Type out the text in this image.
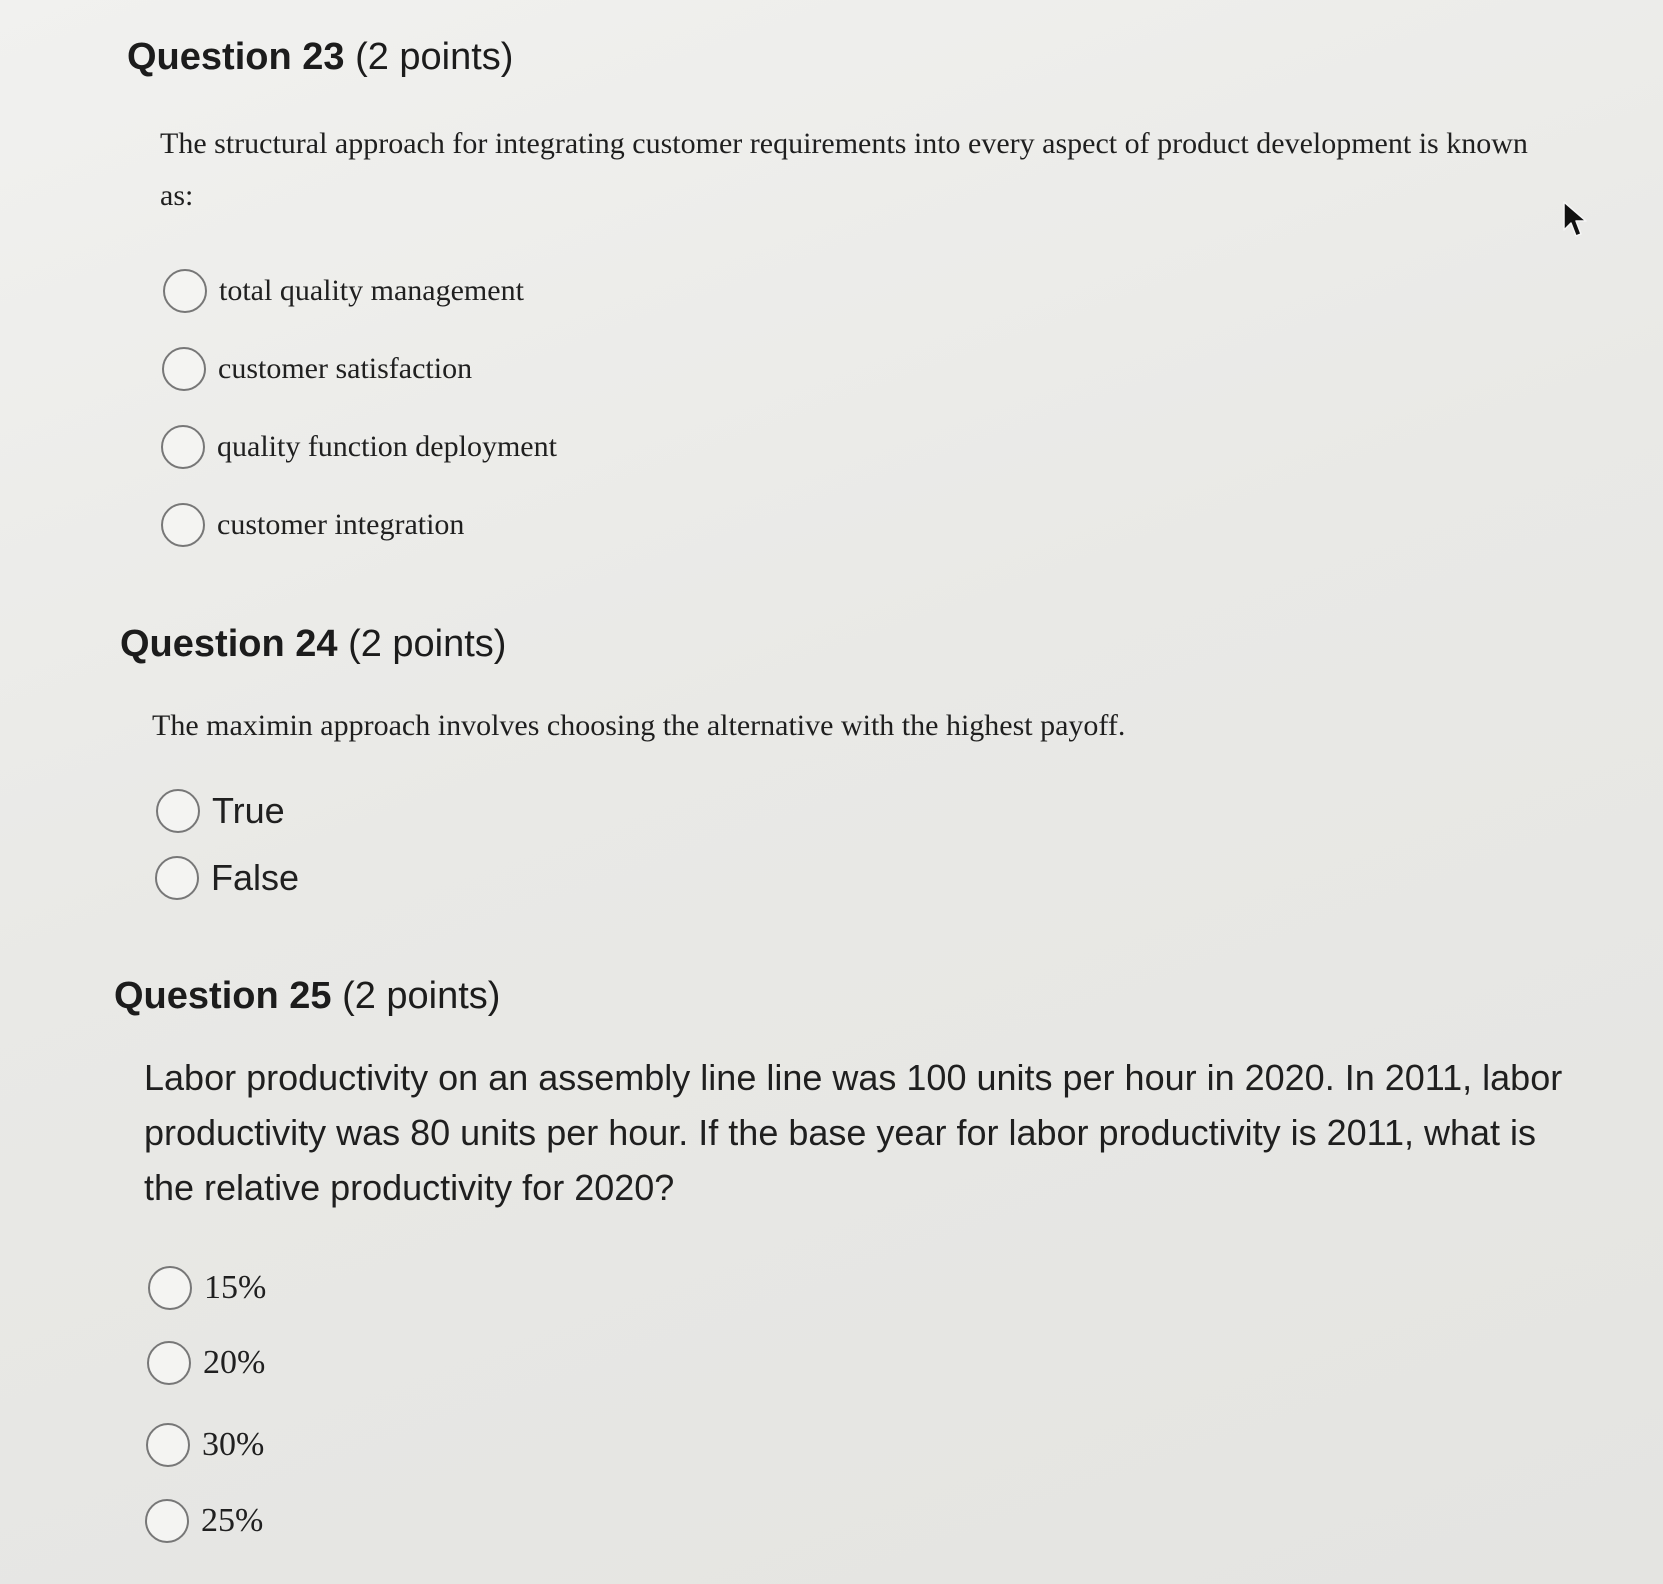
Question 23 (2 points)

The structural approach for integrating customer requirements into every aspect of product development is known as:

total quality management
customer satisfaction
quality function deployment
customer integration
Question 24 (2 points)

The maximin approach involves choosing the alternative with the highest payoff.

True
False
Question 25 (2 points)

Labor productivity on an assembly line line was 100 units per hour in 2020. In 2011, labor productivity was 80 units per hour. If the base year for labor productivity is 2011, what is the relative productivity for 2020?

15%
20%
30%
25%
